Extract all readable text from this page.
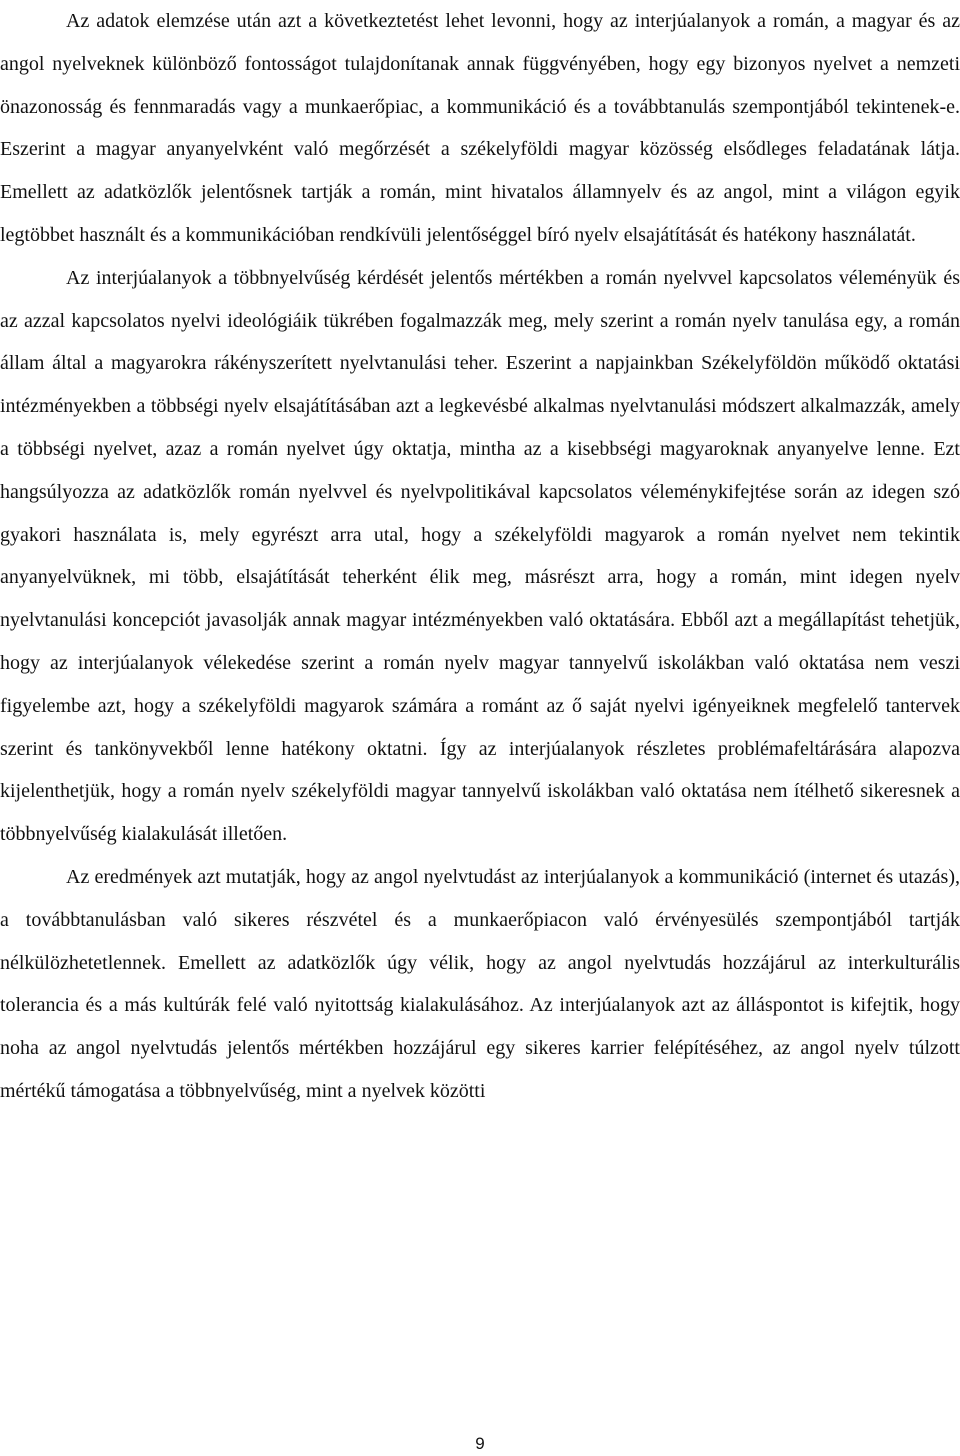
Az adatok elemzése után azt a következtetést lehet levonni, hogy az interjúalanyok a román, a magyar és az angol nyelveknek különböző fontosságot tulajdonítanak annak függvényében, hogy egy bizonyos nyelvet a nemzeti önazonosság és fennmaradás vagy a munkaerőpiac, a kommunikáció és a továbbtanulás szempontjából tekintenek-e. Eszerint a magyar anyanyelvként való megőrzését a székelyföldi magyar közösség elsődleges feladatának látja. Emellett az adatközlők jelentősnek tartják a román, mint hivatalos államnyelv és az angol, mint a világon egyik legtöbbet használt és a kommunikációban rendkívüli jelentőséggel bíró nyelv elsajátítását és hatékony használatát.

Az interjúalanyok a többnyelvűség kérdését jelentős mértékben a román nyelvvel kapcsolatos véleményük és az azzal kapcsolatos nyelvi ideológiáik tükrében fogalmazzák meg, mely szerint a román nyelv tanulása egy, a román állam által a magyarokra rákényszerített nyelvtanulási teher. Eszerint a napjainkban Székelyföldön működő oktatási intézményekben a többségi nyelv elsajátításában azt a legkevésbé alkalmas nyelvtanulási módszert alkalmazzák, amely a többségi nyelvet, azaz a román nyelvet úgy oktatja, mintha az a kisebbségi magyaroknak anyanyelve lenne. Ezt hangsúlyozza az adatközlők román nyelvvel és nyelvpolitikával kapcsolatos véleménykifejtése során az idegen szó gyakori használata is, mely egyrészt arra utal, hogy a székelyföldi magyarok a román nyelvet nem tekintik anyanyelvüknek, mi több, elsajátítását teherként élik meg, másrészt arra, hogy a román, mint idegen nyelv nyelvtanulási koncepciót javasolják annak magyar intézményekben való oktatására. Ebből azt a megállapítást tehetjük, hogy az interjúalanyok vélekedése szerint a román nyelv magyar tannyelvű iskolákban való oktatása nem veszi figyelembe azt, hogy a székelyföldi magyarok számára a románt az ő saját nyelvi igényeiknek megfelelő tantervek szerint és tankönyvekből lenne hatékony oktatni. Így az interjúalanyok részletes problémafeltárására alapozva kijelenthetjük, hogy a román nyelv székelyföldi magyar tannyelvű iskolákban való oktatása nem ítélhető sikeresnek a többnyelvűség kialakulását illetően.

Az eredmények azt mutatják, hogy az angol nyelvtudást az interjúalanyok a kommunikáció (internet és utazás), a továbbtanulásban való sikeres részvétel és a munkaerőpiacon való érvényesülés szempontjából tartják nélkülözhetetlennek. Emellett az adatközlők úgy vélik, hogy az angol nyelvtudás hozzájárul az interkulturális tolerancia és a más kultúrák felé való nyitottság kialakulásához. Az interjúalanyok azt az álláspontot is kifejtik, hogy noha az angol nyelvtudás jelentős mértékben hozzájárul egy sikeres karrier felépítéséhez, az angol nyelv túlzott mértékű támogatása a többnyelvűség, mint a nyelvek közötti

9
